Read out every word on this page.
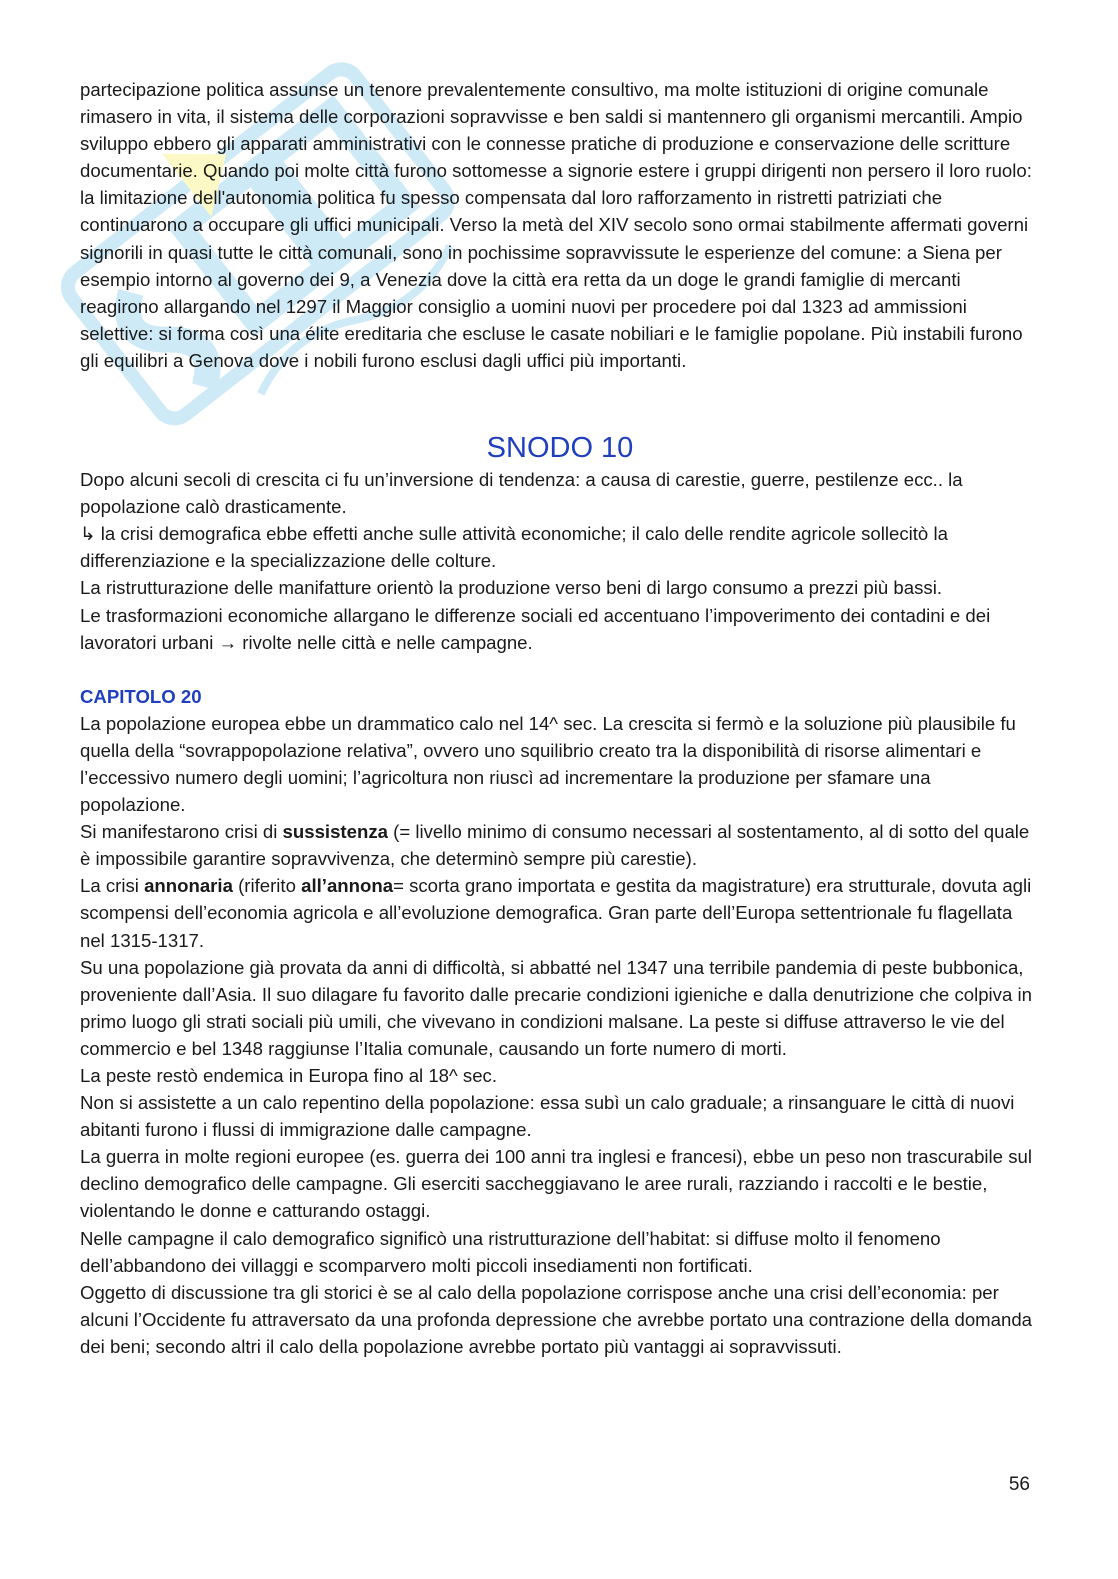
partecipazione politica assunse un tenore prevalentemente consultivo, ma molte istituzioni di origine comunale rimasero in vita, il sistema delle corporazioni sopravvisse e ben saldi si mantennero gli organismi mercantili. Ampio sviluppo ebbero gli apparati amministrativi con le connesse pratiche di produzione e conservazione delle scritture documentarie. Quando poi molte città furono sottomesse a signorie estere i gruppi dirigenti non persero il loro ruolo: la limitazione dell'autonomia politica fu spesso compensata dal loro rafforzamento in ristretti patriziati che continuarono a occupare gli uffici municipali. Verso la metà del XIV secolo sono ormai stabilmente affermati governi signorili in quasi tutte le città comunali, sono in pochissime sopravvissute le esperienze del comune: a Siena per esempio intorno al governo dei 9, a Venezia dove la città era retta da un doge le grandi famiglie di mercanti reagirono allargando nel 1297 il Maggior consiglio a uomini nuovi per procedere poi dal 1323 ad ammissioni selettive: si forma così una élite ereditaria che escluse le casate nobiliari e le famiglie popolane. Più instabili furono gli equilibri a Genova dove i nobili furono esclusi dagli uffici più importanti.

SNODO 10

Dopo alcuni secoli di crescita ci fu un’inversione di tendenza: a causa di carestie, guerre, pestilenze ecc.. la popolazione calò drasticamente.

↳ la crisi demografica ebbe effetti anche sulle attività economiche; il calo delle rendite agricole sollecitò la differenziazione e la specializzazione delle colture.

La ristrutturazione delle manifatture orientò la produzione verso beni di largo consumo a prezzi più bassi.

Le trasformazioni economiche allargano le differenze sociali ed accentuano l’impoverimento dei contadini e dei lavoratori urbani → rivolte nelle città e nelle campagne.

CAPITOLO 20

La popolazione europea ebbe un drammatico calo nel 14^ sec. La crescita si fermò e la soluzione più plausibile fu quella della “sovrappopolazione relativa”, ovvero uno squilibrio creato tra la disponibilità di risorse alimentari e l’eccessivo numero degli uomini; l’agricoltura non riuscì ad incrementare la produzione per sfamare una popolazione.

Si manifestarono crisi di sussistenza (= livello minimo di consumo necessari al sostentamento, al di sotto del quale è impossibile garantire sopravvivenza, che determinò sempre più carestie).

La crisi annonaria (riferito all’annona= scorta grano importata e gestita da magistrature) era strutturale, dovuta agli scompensi dell’economia agricola e all’evoluzione demografica. Gran parte dell’Europa settentrionale fu flagellata nel 1315-1317.

Su una popolazione già provata da anni di difficoltà, si abbatté nel 1347 una terribile pandemia di peste bubbonica, proveniente dall’Asia. Il suo dilagare fu favorito dalle precarie condizioni igieniche e dalla denutrizione che colpiva in primo luogo gli strati sociali più umili, che vivevano in condizioni malsane. La peste si diffuse attraverso le vie del commercio e bel 1348 raggiunse l’Italia comunale, causando un forte numero di morti.

La peste restò endemica in Europa fino al 18^ sec.

Non si assistette a un calo repentino della popolazione: essa subì un calo graduale; a rinsanguare le città di nuovi abitanti furono i flussi di immigrazione dalle campagne.

La guerra in molte regioni europee (es. guerra dei 100 anni tra inglesi e francesi), ebbe un peso non trascurabile sul declino demografico delle campagne. Gli eserciti saccheggiavano le aree rurali, razziando i raccolti e le bestie, violentando le donne e catturando ostaggi.

Nelle campagne il calo demografico significò una ristrutturazione dell’habitat: si diffuse molto il fenomeno dell’abbandono dei villaggi e scomparvero molti piccoli insediamenti non fortificati.

Oggetto di discussione tra gli storici è se al calo della popolazione corrispose anche una crisi dell’economia: per alcuni l’Occidente fu attraversato da una profonda depressione che avrebbe portato una contrazione della domanda dei beni; secondo altri il calo della popolazione avrebbe portato più vantaggi ai sopravvissuti.

56
